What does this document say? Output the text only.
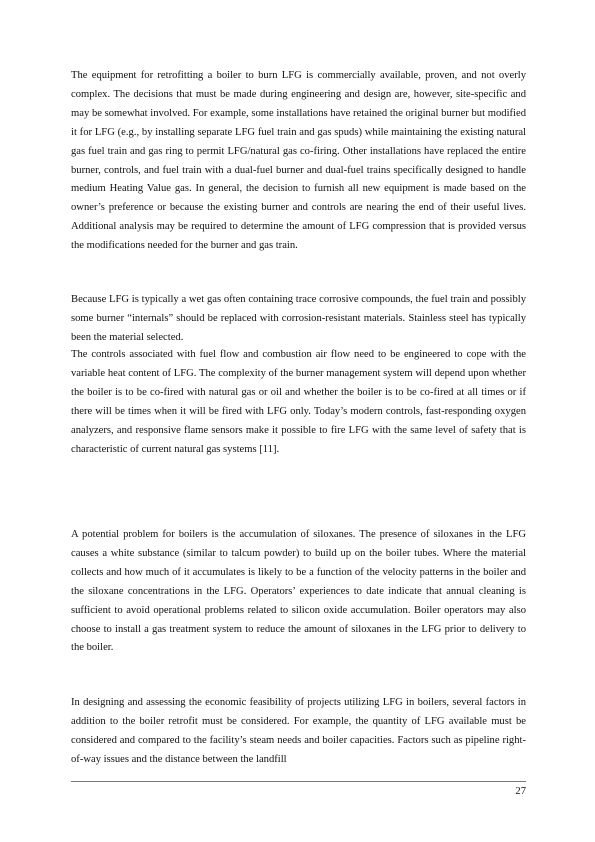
The equipment for retrofitting a boiler to burn LFG is commercially available, proven, and not overly complex. The decisions that must be made during engineering and design are, however, site-specific and may be somewhat involved. For example, some installations have retained the original burner but modified it for LFG (e.g., by installing separate LFG fuel train and gas spuds) while maintaining the existing natural gas fuel train and gas ring to permit LFG/natural gas co-firing. Other installations have replaced the entire burner, controls, and fuel train with a dual-fuel burner and dual-fuel trains specifically designed to handle medium Heating Value gas. In general, the decision to furnish all new equipment is made based on the owner’s preference or because the existing burner and controls are nearing the end of their useful lives. Additional analysis may be required to determine the amount of LFG compression that is provided versus the modifications needed for the burner and gas train.

Because LFG is typically a wet gas often containing trace corrosive compounds, the fuel train and possibly some burner “internals” should be replaced with corrosion-resistant materials. Stainless steel has typically been the material selected.

The controls associated with fuel flow and combustion air flow need to be engineered to cope with the variable heat content of LFG. The complexity of the burner management system will depend upon whether the boiler is to be co-fired with natural gas or oil and whether the boiler is to be co-fired at all times or if there will be times when it will be fired with LFG only. Today’s modern controls, fast-responding oxygen analyzers, and responsive flame sensors make it possible to fire LFG with the same level of safety that is characteristic of current natural gas systems [11].

A potential problem for boilers is the accumulation of siloxanes. The presence of siloxanes in the LFG causes a white substance (similar to talcum powder) to build up on the boiler tubes. Where the material collects and how much of it accumulates is likely to be a function of the velocity patterns in the boiler and the siloxane concentrations in the LFG. Operators’ experiences to date indicate that annual cleaning is sufficient to avoid operational problems related to silicon oxide accumulation. Boiler operators may also choose to install a gas treatment system to reduce the amount of siloxanes in the LFG prior to delivery to the boiler.

In designing and assessing the economic feasibility of projects utilizing LFG in boilers, several factors in addition to the boiler retrofit must be considered. For example, the quantity of LFG available must be considered and compared to the facility’s steam needs and boiler capacities. Factors such as pipeline right-of-way issues and the distance between the landfill

27
